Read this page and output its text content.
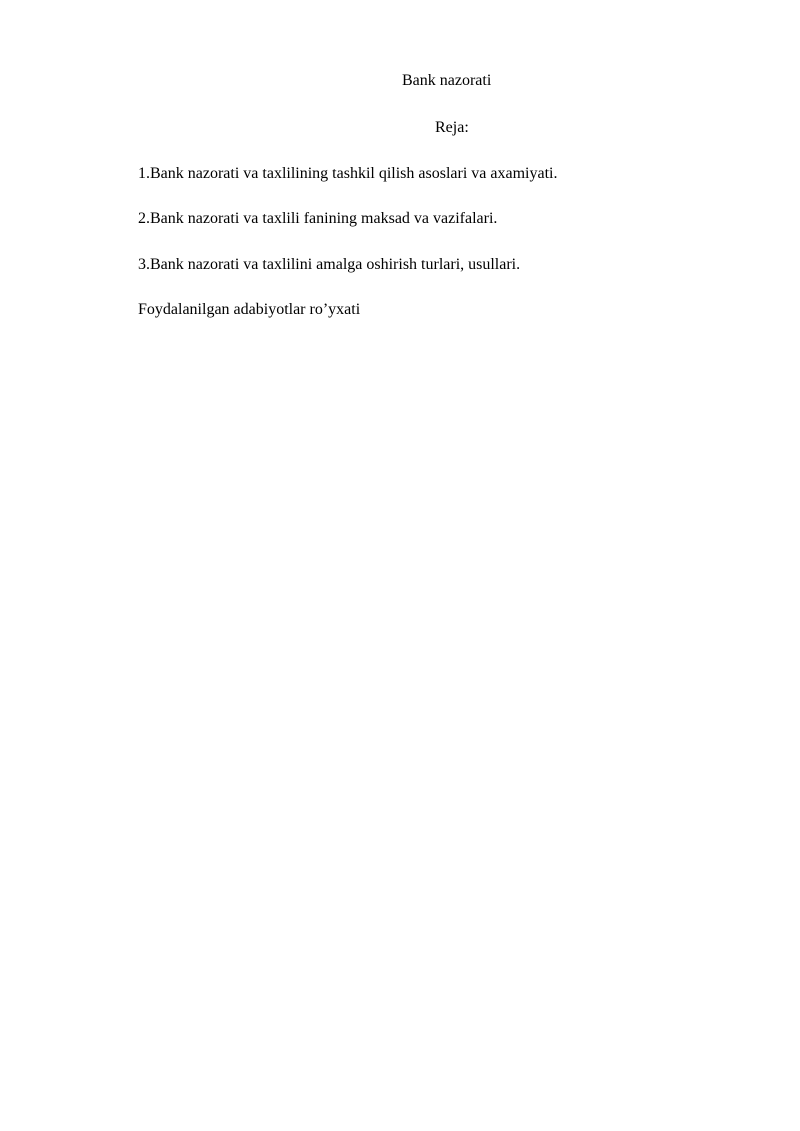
Bank nazorati
Reja:
1.Bank nazorati va taxlilining tashkil qilish asoslari va axamiyati.
2.Bank nazorati va taxlili fanining maksad va vazifalari.
3.Bank nazorati va taxlilini amalga oshirish turlari, usullari.
Foydalanilgan adabiyotlar ro’yxati
